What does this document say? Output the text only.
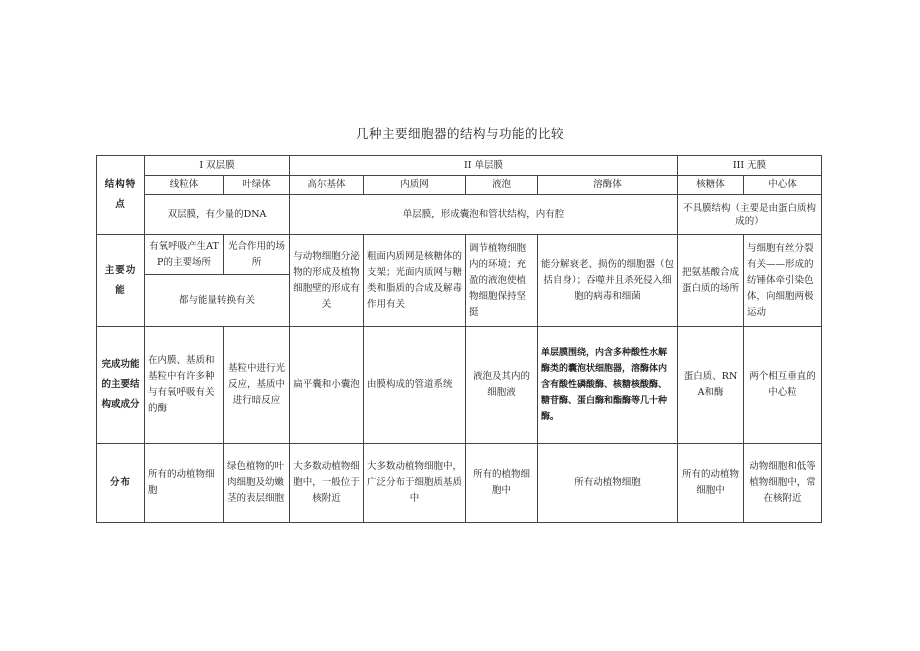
几种主要细胞器的结构与功能的比较
结构特点	I 双层膜		II 单层膜				III 无膜	
	线粒体	叶绿体	高尔基体	内质网	液泡	溶酶体	核糖体	中心体
	双层膜，有少量的DNA		单层膜，形成囊泡和管状结构，内有腔				不具膜结构（主要是由蛋白质构成的）	
主要功能	有氧呼吸产生ATP的主要场所	光合作用的场所	与动物细胞分泌物的形成及植物细胞壁的形成有关	粗面内质网是核糖体的支架；光面内质网与糖类和脂质的合成及解毒作用有关	调节植物细胞内的环境；充盈的液泡使植物细胞保持坚挺	能分解衰老、损伤的细胞器（包括自身）；吞噬并且杀死侵入细胞的病毒和细菌	把氨基酸合成蛋白质的场所	与细胞有丝分裂有关——形成的纺锤体牵引染色体，向细胞两极运动
	都与能量转换有关							
完成功能的主要结构或成分	在内膜、基质和基粒中有许多种与有氧呼吸有关的酶	基粒中进行光反应，基质中进行暗反应	扁平囊和小囊泡	由膜构成的管道系统	液泡及其内的细胞液	单层膜围绕，内含多种酸性水解酶类的囊泡状细胞器，溶酶体内含有酸性磷酸酶、核糖核酸酶、糖苷酶、蛋白酶和酯酶等几十种酶。	蛋白质、RNA和酶	两个相互垂直的中心粒
分布	所有的动植物细胞	绿色植物的叶肉细胞及幼嫩茎的表层细胞	大多数动植物细胞中，一般位于核附近	大多数动植物细胞中，广泛分布于细胞质基质中	所有的植物细胞中	所有动植物细胞	所有的动植物细胞中	动物细胞和低等植物细胞中，常在核附近
